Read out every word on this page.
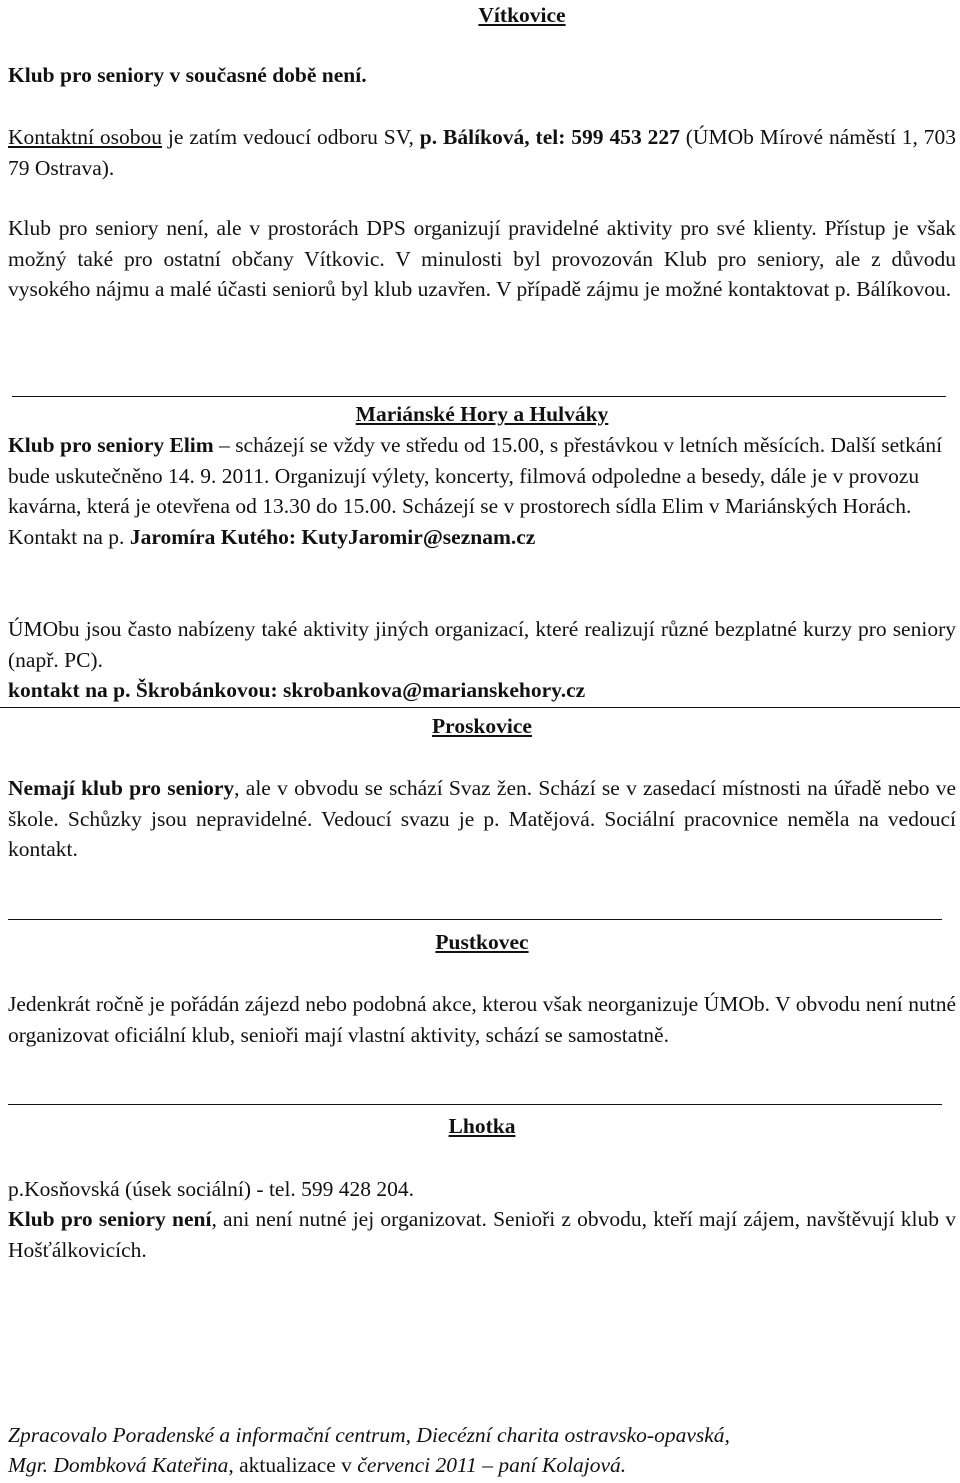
Vítkovice

Klub pro seniory v současné době není.

Kontaktní osobou je zatím vedoucí odboru SV, p. Bálíková, tel: 599 453 227 (ÚMOb Mírové náměstí 1, 703 79 Ostrava).

Klub pro seniory není, ale v prostorách DPS organizují pravidelné aktivity pro své klienty. Přístup je však možný také pro ostatní občany Vítkovic. V minulosti byl provozován Klub pro seniory, ale z důvodu vysokého nájmu a malé účasti seniorů byl klub uzavřen. V případě zájmu je možné kontaktovat p. Bálíkovou.

Mariánské Hory a Hulváky

Klub pro seniory Elim – scházejí se vždy ve středu od 15.00, s přestávkou v letních měsících. Další setkání bude uskutečněno 14. 9. 2011. Organizují výlety, koncerty, filmová odpoledne a besedy, dále je v provozu kavárna, která je otevřena od 13.30 do 15.00. Scházejí se v prostorech sídla Elim v Mariánských Horách. Kontakt na p. Jaromíra Kutého: KutyJaromir@seznam.cz

ÚMObu jsou často nabízeny také aktivity jiných organizací, které realizují různé bezplatné kurzy pro seniory (např. PC).

kontakt na p. Škrobánkovou: skrobankova@marianskehory.cz

Proskovice

Nemají klub pro seniory, ale v obvodu se schází Svaz žen. Schází se v zasedací místnosti na úřadě nebo ve škole. Schůzky jsou nepravidelné. Vedoucí svazu je p. Matějová. Sociální pracovnice neměla na vedoucí kontakt.

Pustkovec

Jedenkrát ročně je pořádán zájezd nebo podobná akce, kterou však neorganizuje ÚMOb. V obvodu není nutné organizovat oficiální klub, senioři mají vlastní aktivity, schází se samostatně.

Lhotka

p.Kosňovská (úsek sociální) - tel. 599 428 204.

Klub pro seniory není, ani není nutné jej organizovat. Senioři z obvodu, kteří mají zájem, navštěvují klub v Hošťálkovicích.

Zpracovalo Poradenské a informační centrum, Diecézní charita ostravsko-opavská,

Mgr. Dombková Kateřina, aktualizace v červenci 2011 – paní Kolajová.
